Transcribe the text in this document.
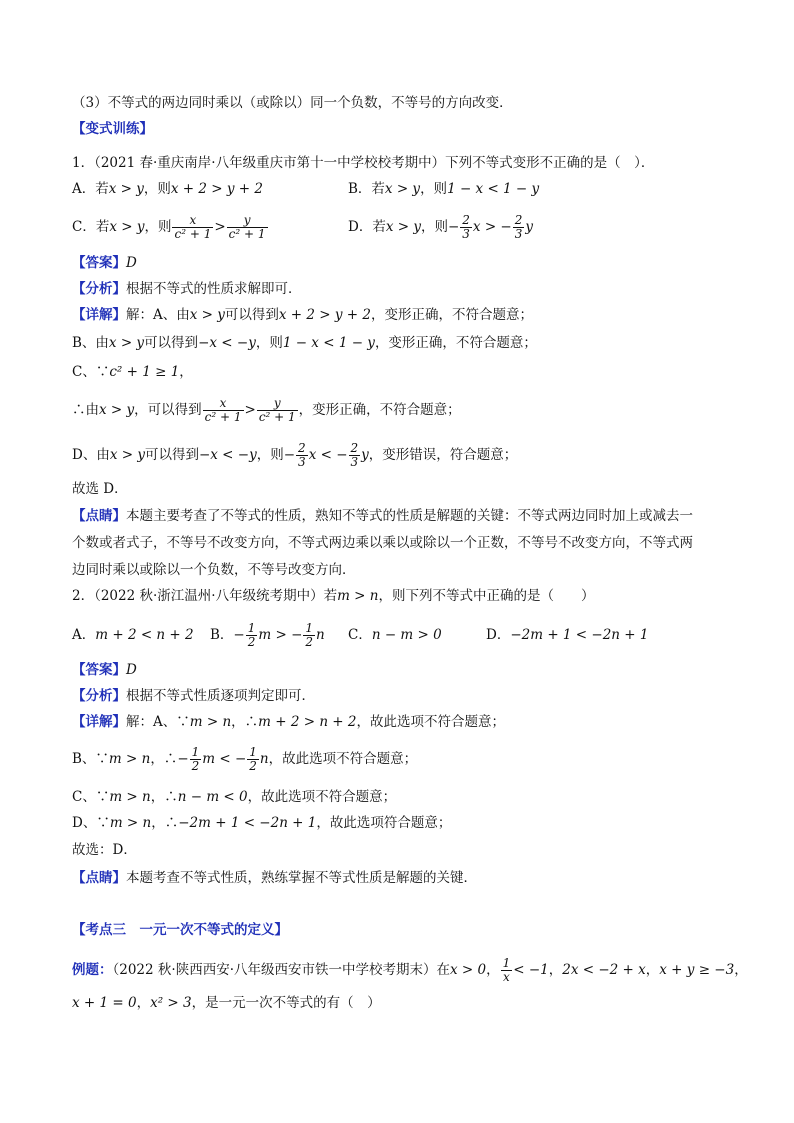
（3）不等式的两边同时乘以（或除以）同一个负数，不等号的方向改变．
【变式训练】
1．（2021 春·重庆南岸·八年级重庆市第十一中学校校考期中）下列不等式变形不正确的是（　）．
A．若x > y，则x + 2 > y + 2	B．若x > y，则1 − x < 1 − y
C．若x > y，则 $\frac{x}{\text{c² + 1}} > \frac{y}{\text{c² + 1}}$	D．若x > y，则− $\frac{2}{3}$ x > − $\frac{2}{3}$ y
【答案】D
【分析】根据不等式的性质求解即可．
【详解】解：A、由x > y可以得到x + 2 > y + 2，变形正确，不符合题意；
B、由x > y可以得到−x < −y，则1 − x < 1 − y，变形正确，不符合题意；
C、∵c² + 1 ≥ 1，
∴由x > y，可以得到 $\frac{x}{\text{c² + 1}} > \frac{y}{\text{c² + 1}}$ ，变形正确，不符合题意；
D、由x > y可以得到−x < −y，则− $\frac{2}{3}$ x < − $\frac{2}{3}$ y，变形错误，符合题意；
故选 D．
【点睛】本题主要考查了不等式的性质，熟知不等式的性质是解题的关键：不等式两边同时加上或减去一
个数或者式子，不等号不改变方向，不等式两边乘以乘以或除以一个正数，不等号不改变方向，不等式两
边同时乘以或除以一个负数，不等号改变方向．
2．（2022 秋·浙江温州·八年级统考期中）若m > n，则下列不等式中正确的是（　　）
A．m + 2 < n + 2 B．− $\frac{1}{2}$ m > − $\frac{1}{2}$ n C．n − m > 0	D．−2m + 1 < −2n + 1
【答案】D
【分析】根据不等式性质逐项判定即可．
【详解】解：A、∵m > n，∴m + 2 > n + 2，故此选项不符合题意；
B、∵m > n，∴− $\frac{1}{2}$ m < − $\frac{1}{2}$ n，故此选项不符合题意；
C、∵m > n，∴n − m < 0，故此选项不符合题意；
D、∵m > n，∴−2m + 1 < −2n + 1，故此选项符合题意；
故选：D．
【点睛】本题考查不等式性质，熟练掌握不等式性质是解题的关键．
【考点三　一元一次不等式的定义】
例题：（2022 秋·陕西西安·八年级西安市铁一中学校考期末）在x > 0， $\frac{1}{x} < -1$，2x < −2 + x，x + y ≥ −3，
x + 1 = 0，x² > 3，是一元一次不等式的有（　）
